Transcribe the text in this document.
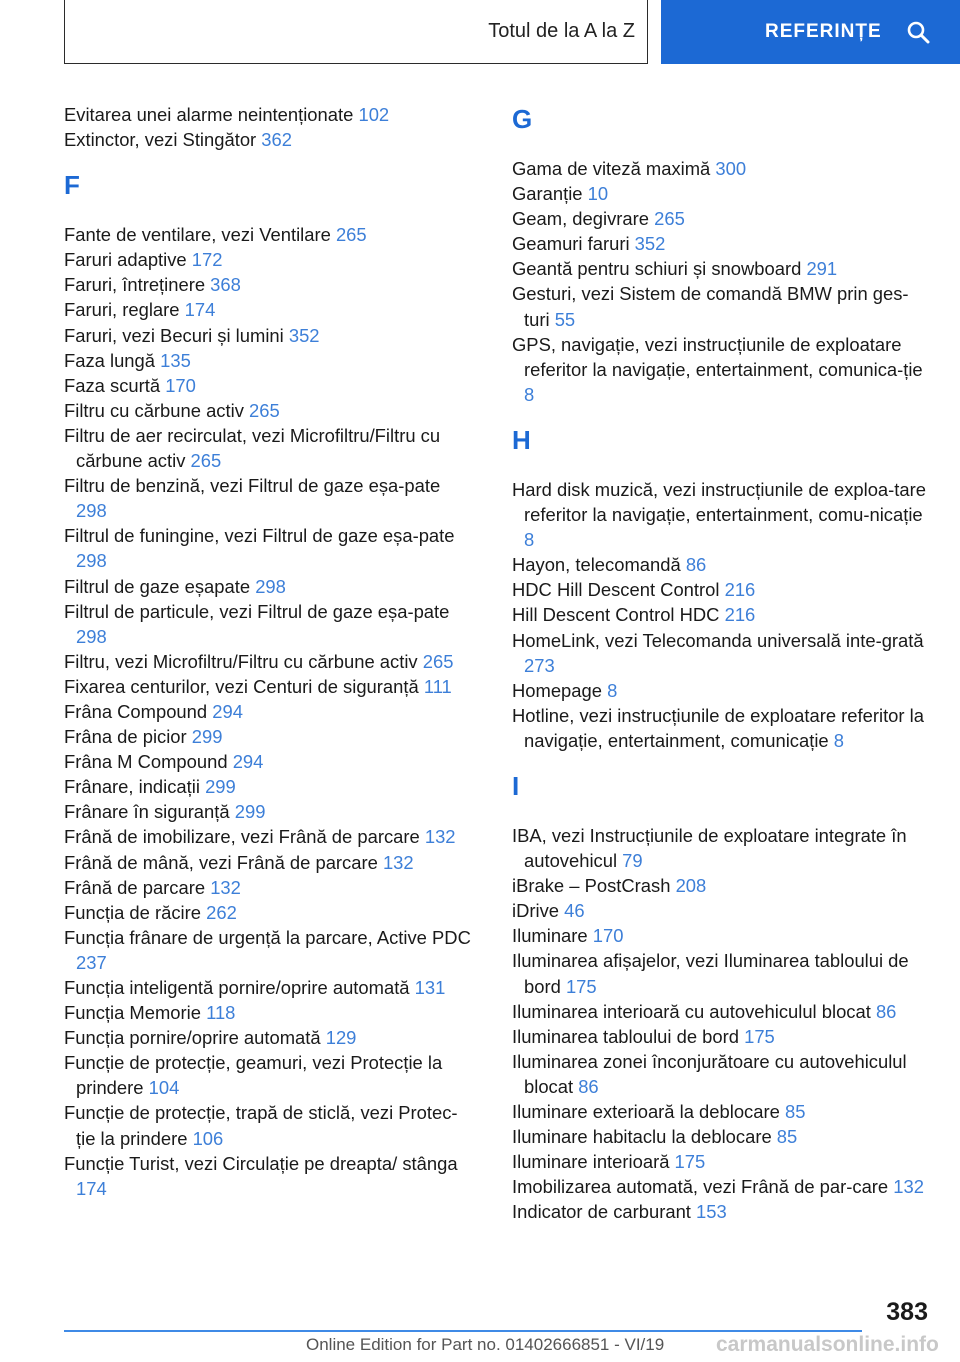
Totul de la A la Z	REFERINȚE
Evitarea unei alarme neintenționate 102
Extinctor, vezi Stingător 362
F
Fante de ventilare, vezi Ventilare 265
Faruri adaptive 172
Faruri, întreținere 368
Faruri, reglare 174
Faruri, vezi Becuri și lumini 352
Faza lungă 135
Faza scurtă 170
Filtru cu cărbune activ 265
Filtru de aer recirculat, vezi Microfiltru/Filtru cu cărbune activ 265
Filtru de benzină, vezi Filtrul de gaze eșa-pate 298
Filtrul de funingine, vezi Filtrul de gaze eșa-pate 298
Filtrul de gaze eșapate 298
Filtrul de particule, vezi Filtrul de gaze eșa-pate 298
Filtru, vezi Microfiltru/Filtru cu cărbune activ 265
Fixarea centurilor, vezi Centuri de siguranță 111
Frâna Compound 294
Frâna de picior 299
Frâna M Compound 294
Frânare, indicații 299
Frânare în siguranță 299
Frână de imobilizare, vezi Frână de parcare 132
Frână de mână, vezi Frână de parcare 132
Frână de parcare 132
Funcția de răcire 262
Funcția frânare de urgență la parcare, Active PDC 237
Funcția inteligentă pornire/oprire automată 131
Funcția Memorie 118
Funcția pornire/oprire automată 129
Funcție de protecție, geamuri, vezi Protecție la prindere 104
Funcție de protecție, trapă de sticlă, vezi Protec-ție la prindere 106
Funcție Turist, vezi Circulație pe dreapta/ stânga 174
G
Gama de viteză maximă 300
Garanție 10
Geam, degivrare 265
Geamuri faruri 352
Geantă pentru schiuri și snowboard 291
Gesturi, vezi Sistem de comandă BMW prin ges-turi 55
GPS, navigație, vezi instrucțiunile de exploatare referitor la navigație, entertainment, comunica-ție 8
H
Hard disk muzică, vezi instrucțiunile de exploa-tare referitor la navigație, entertainment, comu-nicație 8
Hayon, telecomandă 86
HDC Hill Descent Control 216
Hill Descent Control HDC 216
HomeLink, vezi Telecomanda universală inte-grată 273
Homepage 8
Hotline, vezi instrucțiunile de exploatare referitor la navigație, entertainment, comunicație 8
I
IBA, vezi Instrucțiunile de exploatare integrate în autovehicul 79
iBrake – PostCrash 208
iDrive 46
Iluminare 170
Iluminarea afișajelor, vezi Iluminarea tabloului de bord 175
Iluminarea interioară cu autovehiculul blocat 86
Iluminarea tabloului de bord 175
Iluminarea zonei înconjurătoare cu autovehiculul blocat 86
Iluminare exterioară la deblocare 85
Iluminare habitaclu la deblocare 85
Iluminare interioară 175
Imobilizarea automată, vezi Frână de par-care 132
Indicator de carburant 153
383
Online Edition for Part no. 01402666851 - VI/19 carmanualsonline.info
